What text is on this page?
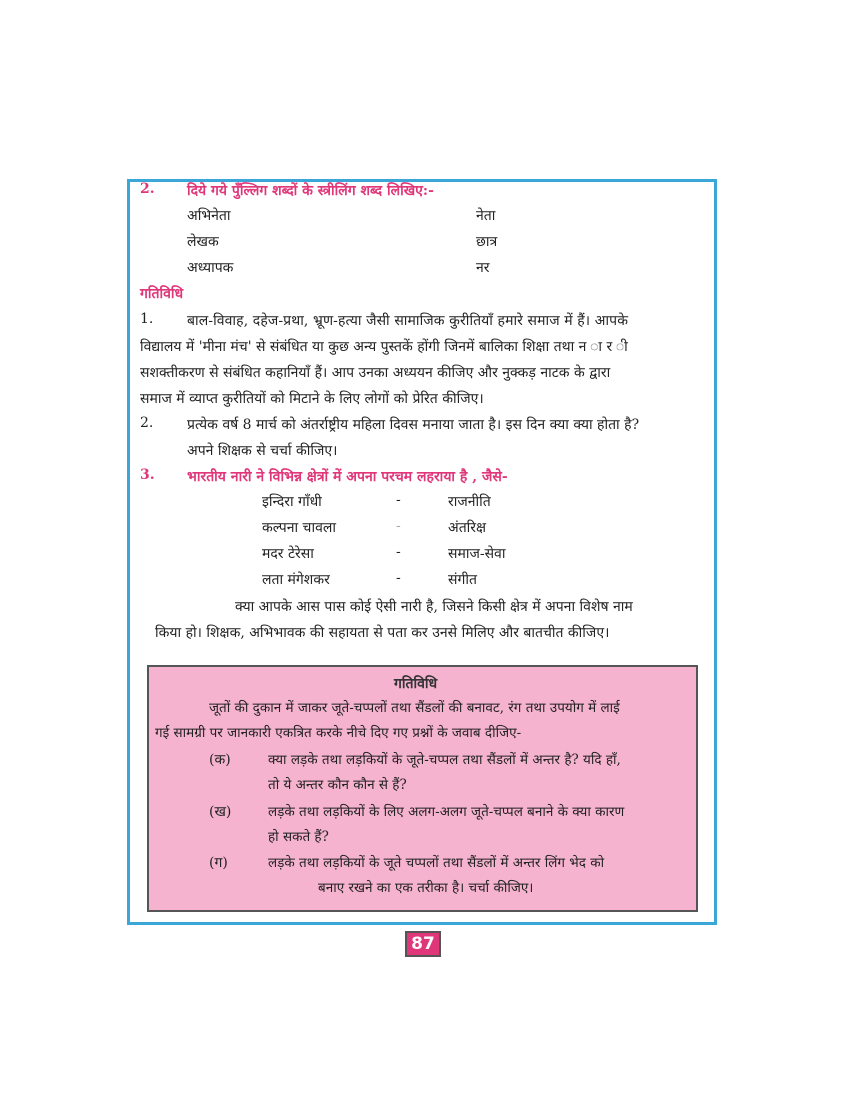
2. दिये गये पुँल्लिग शब्दों के स्त्रीलिंग शब्द लिखिए:-
अभिनेता	नेता
लेखक	छात्र
अध्यापक	नर
गतिविधि
1. बाल-विवाह, दहेज-प्रथा, भ्रूण-हत्या जैसी सामाजिक कुरीतियाँ हमारे समाज में हैं। आपके
विद्यालय में 'मीना मंच' से संबंधित या कुछ अन्य पुस्तकें होंगी जिनमें बालिका शिक्षा तथा न ा र ी
सशक्तीकरण से संबंधित कहानियाँ हैं। आप उनका अध्ययन कीजिए और नुक्कड़ नाटक के द्वारा
समाज में व्याप्त कुरीतियों को मिटाने के लिए लोगों को प्रेरित कीजिए।
2. प्रत्येक वर्ष 8 मार्च को अंतर्राष्ट्रीय महिला दिवस मनाया जाता है। इस दिन क्या क्या होता है?
अपने शिक्षक से चर्चा कीजिए।
3. भारतीय नारी ने विभिन्न क्षेत्रों में अपना परचम लहराया है , जैसे-
इन्दिरा गाँधी	-	राजनीति
कल्पना चावला	-	अंतरिक्ष
मदर टेरेसा	-	समाज-सेवा
लता मंगेशकर	-	संगीत
क्या आपके आस पास कोई ऐसी नारी है, जिसने किसी क्षेत्र में अपना विशेष नाम
किया हो। शिक्षक, अभिभावक की सहायता से पता कर उनसे मिलिए और बातचीत कीजिए।
गतिविधि
जूतों की दुकान में जाकर जूते-चप्पलों तथा सैंडलों की बनावट, रंग तथा उपयोग में लाई
गई सामग्री पर जानकारी एकत्रित करके नीचे दिए गए प्रश्नों के जवाब दीजिए-
(क)	क्या लड़के तथा लड़कियों के जूते-चप्पल तथा सैंडलों में अन्तर है? यदि हाँ,
तो ये अन्तर कौन कौन से हैं?
(ख)	लड़के तथा लड़कियों के लिए अलग-अलग जूते-चप्पल बनाने के क्या कारण
हो सकते हैं?
(ग)	लड़के तथा लड़कियों के जूते चप्पलों तथा सैंडलों में अन्तर लिंग भेद को
बनाए रखने का एक तरीका है। चर्चा कीजिए।
87
